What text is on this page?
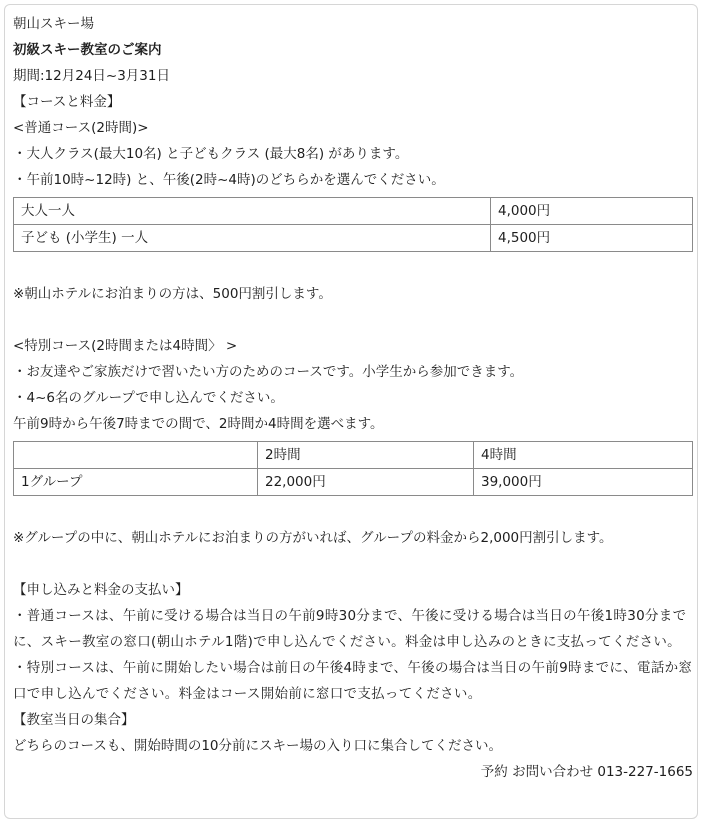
朝山スキー場
初級スキー教室のご案内
期間:12月24日~3月31日
【コースと料金】
<普通コース(2時間)>
・大人クラス(最大10名) と子どもクラス (最大8名) があります。
・午前10時~12時) と、午後(2時~4時)のどちらかを選んでください。
大人一人	4,000円
子ども (小学生) 一人	4,500円
※朝山ホテルにお泊まりの方は、500円割引します。
<特別コース(2時間または4時間〉 >
・お友達やご家族だけで習いたい方のためのコースです。小学生から参加できます。
・4~6名のグループで申し込んでください。
午前9時から午後7時までの間で、2時間か4時間を選べます。
	2時間	4時間
1グループ	22,000円	39,000円
※グループの中に、朝山ホテルにお泊まりの方がいれば、グループの料金から2,000円割引します。
【申し込みと料金の支払い】
・普通コースは、午前に受ける場合は当日の午前9時30分まで、午後に受ける場合は当日の午後1時30分までに、スキー教室の窓口(朝山ホテル1階)で申し込んでください。料金は申し込みのときに支払ってください。
・特別コースは、午前に開始したい場合は前日の午後4時まで、午後の場合は当日の午前9時までに、電話か窓口で申し込んでください。料金はコース開始前に窓口で支払ってください。
【教室当日の集合】
どちらのコースも、開始時間の10分前にスキー場の入り口に集合してください。
予約 お問い合わせ 013-227-1665
